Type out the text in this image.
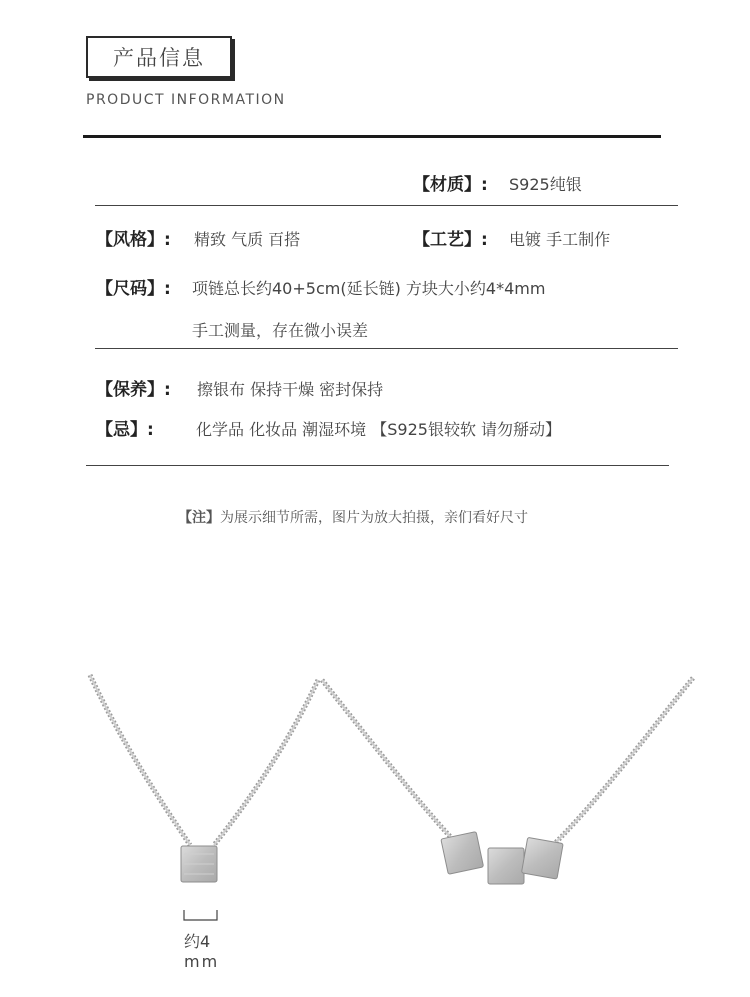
产品信息
PRODUCT INFORMATION
【材质】: S925纯银
【风格】: 精致 气质 百搭	【工艺】: 电镀 手工制作
【尺码】: 项链总长约40+5cm(延长链) 方块大小约4*4mm
手工测量，存在微小误差
【保养】: 擦银布 保持干燥 密封保持
【忌】:	化学品 化妆品 潮湿环境 【S925银较软 请勿掰动】
【注】为展示细节所需，图片为放大拍摄，亲们看好尺寸
约4
mm
